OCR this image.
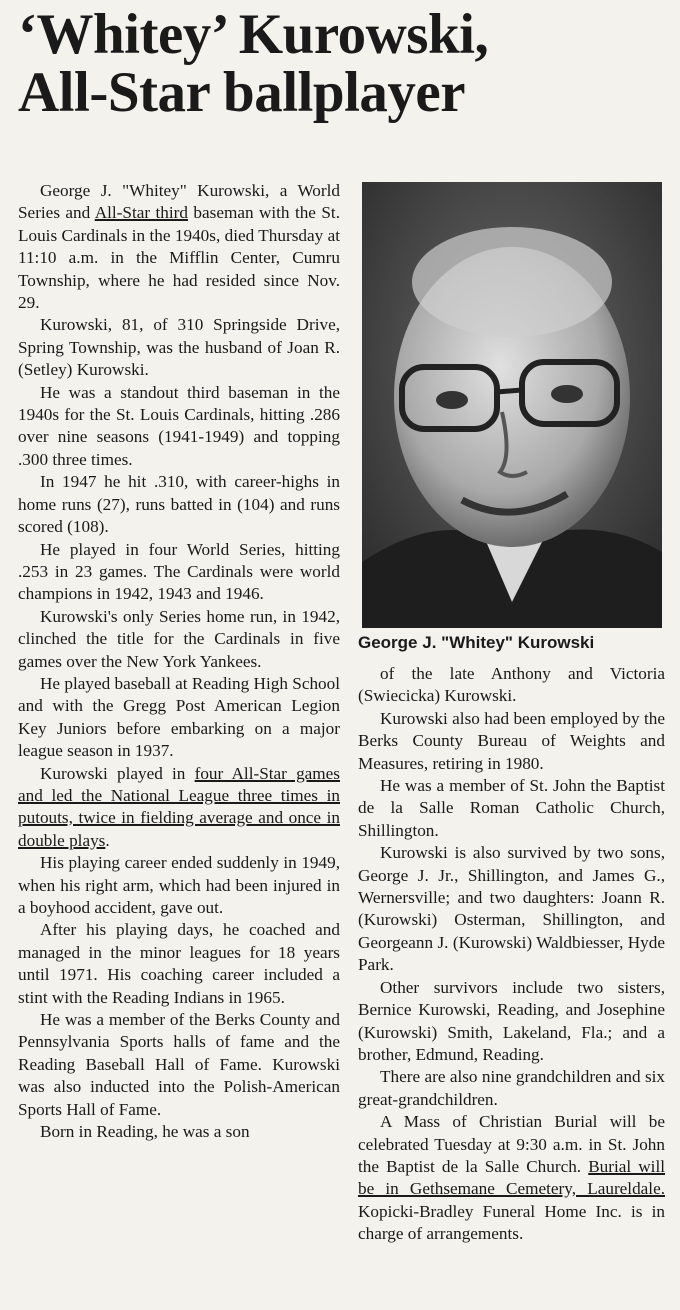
‘Whitey’ Kurowski,
All-Star ballplayer

George J. "Whitey" Kurowski, a World Series and All-Star third baseman with the St. Louis Cardinals in the 1940s, died Thursday at 11:10 a.m. in the Mifflin Center, Cumru Township, where he had resided since Nov. 29.

Kurowski, 81, of 310 Springside Drive, Spring Township, was the husband of Joan R. (Setley) Kurowski.

He was a standout third baseman in the 1940s for the St. Louis Cardinals, hitting .286 over nine seasons (1941-1949) and topping .300 three times.

In 1947 he hit .310, with career-highs in home runs (27), runs batted in (104) and runs scored (108).

He played in four World Series, hitting .253 in 23 games. The Cardinals were world champions in 1942, 1943 and 1946.

Kurowski's only Series home run, in 1942, clinched the title for the Cardinals in five games over the New York Yankees.

He played baseball at Reading High School and with the Gregg Post American Legion Key Juniors before embarking on a major league season in 1937.

Kurowski played in four All-Star games and led the National League three times in putouts, twice in fielding average and once in double plays.

His playing career ended suddenly in 1949, when his right arm, which had been injured in a boyhood accident, gave out.

After his playing days, he coached and managed in the minor leagues for 18 years until 1971. His coaching career included a stint with the Reading Indians in 1965.

He was a member of the Berks County and Pennsylvania Sports halls of fame and the Reading Baseball Hall of Fame. Kurowski was also inducted into the Polish-American Sports Hall of Fame.

Born in Reading, he was a son

George J. "Whitey" Kurowski

of the late Anthony and Victoria (Swiecicka) Kurowski.

Kurowski also had been employed by the Berks County Bureau of Weights and Measures, retiring in 1980.

He was a member of St. John the Baptist de la Salle Roman Catholic Church, Shillington.

Kurowski is also survived by two sons, George J. Jr., Shillington, and James G., Wernersville; and two daughters: Joann R. (Kurowski) Osterman, Shillington, and Georgeann J. (Kurowski) Waldbiesser, Hyde Park.

Other survivors include two sisters, Bernice Kurowski, Reading, and Josephine (Kurowski) Smith, Lakeland, Fla.; and a brother, Edmund, Reading.

There are also nine grandchildren and six great-grandchildren.

A Mass of Christian Burial will be celebrated Tuesday at 9:30 a.m. in St. John the Baptist de la Salle Church. Burial will be in Gethsemane Cemetery, Laureldale. Kopicki-Bradley Funeral Home Inc. is in charge of arrangements.
